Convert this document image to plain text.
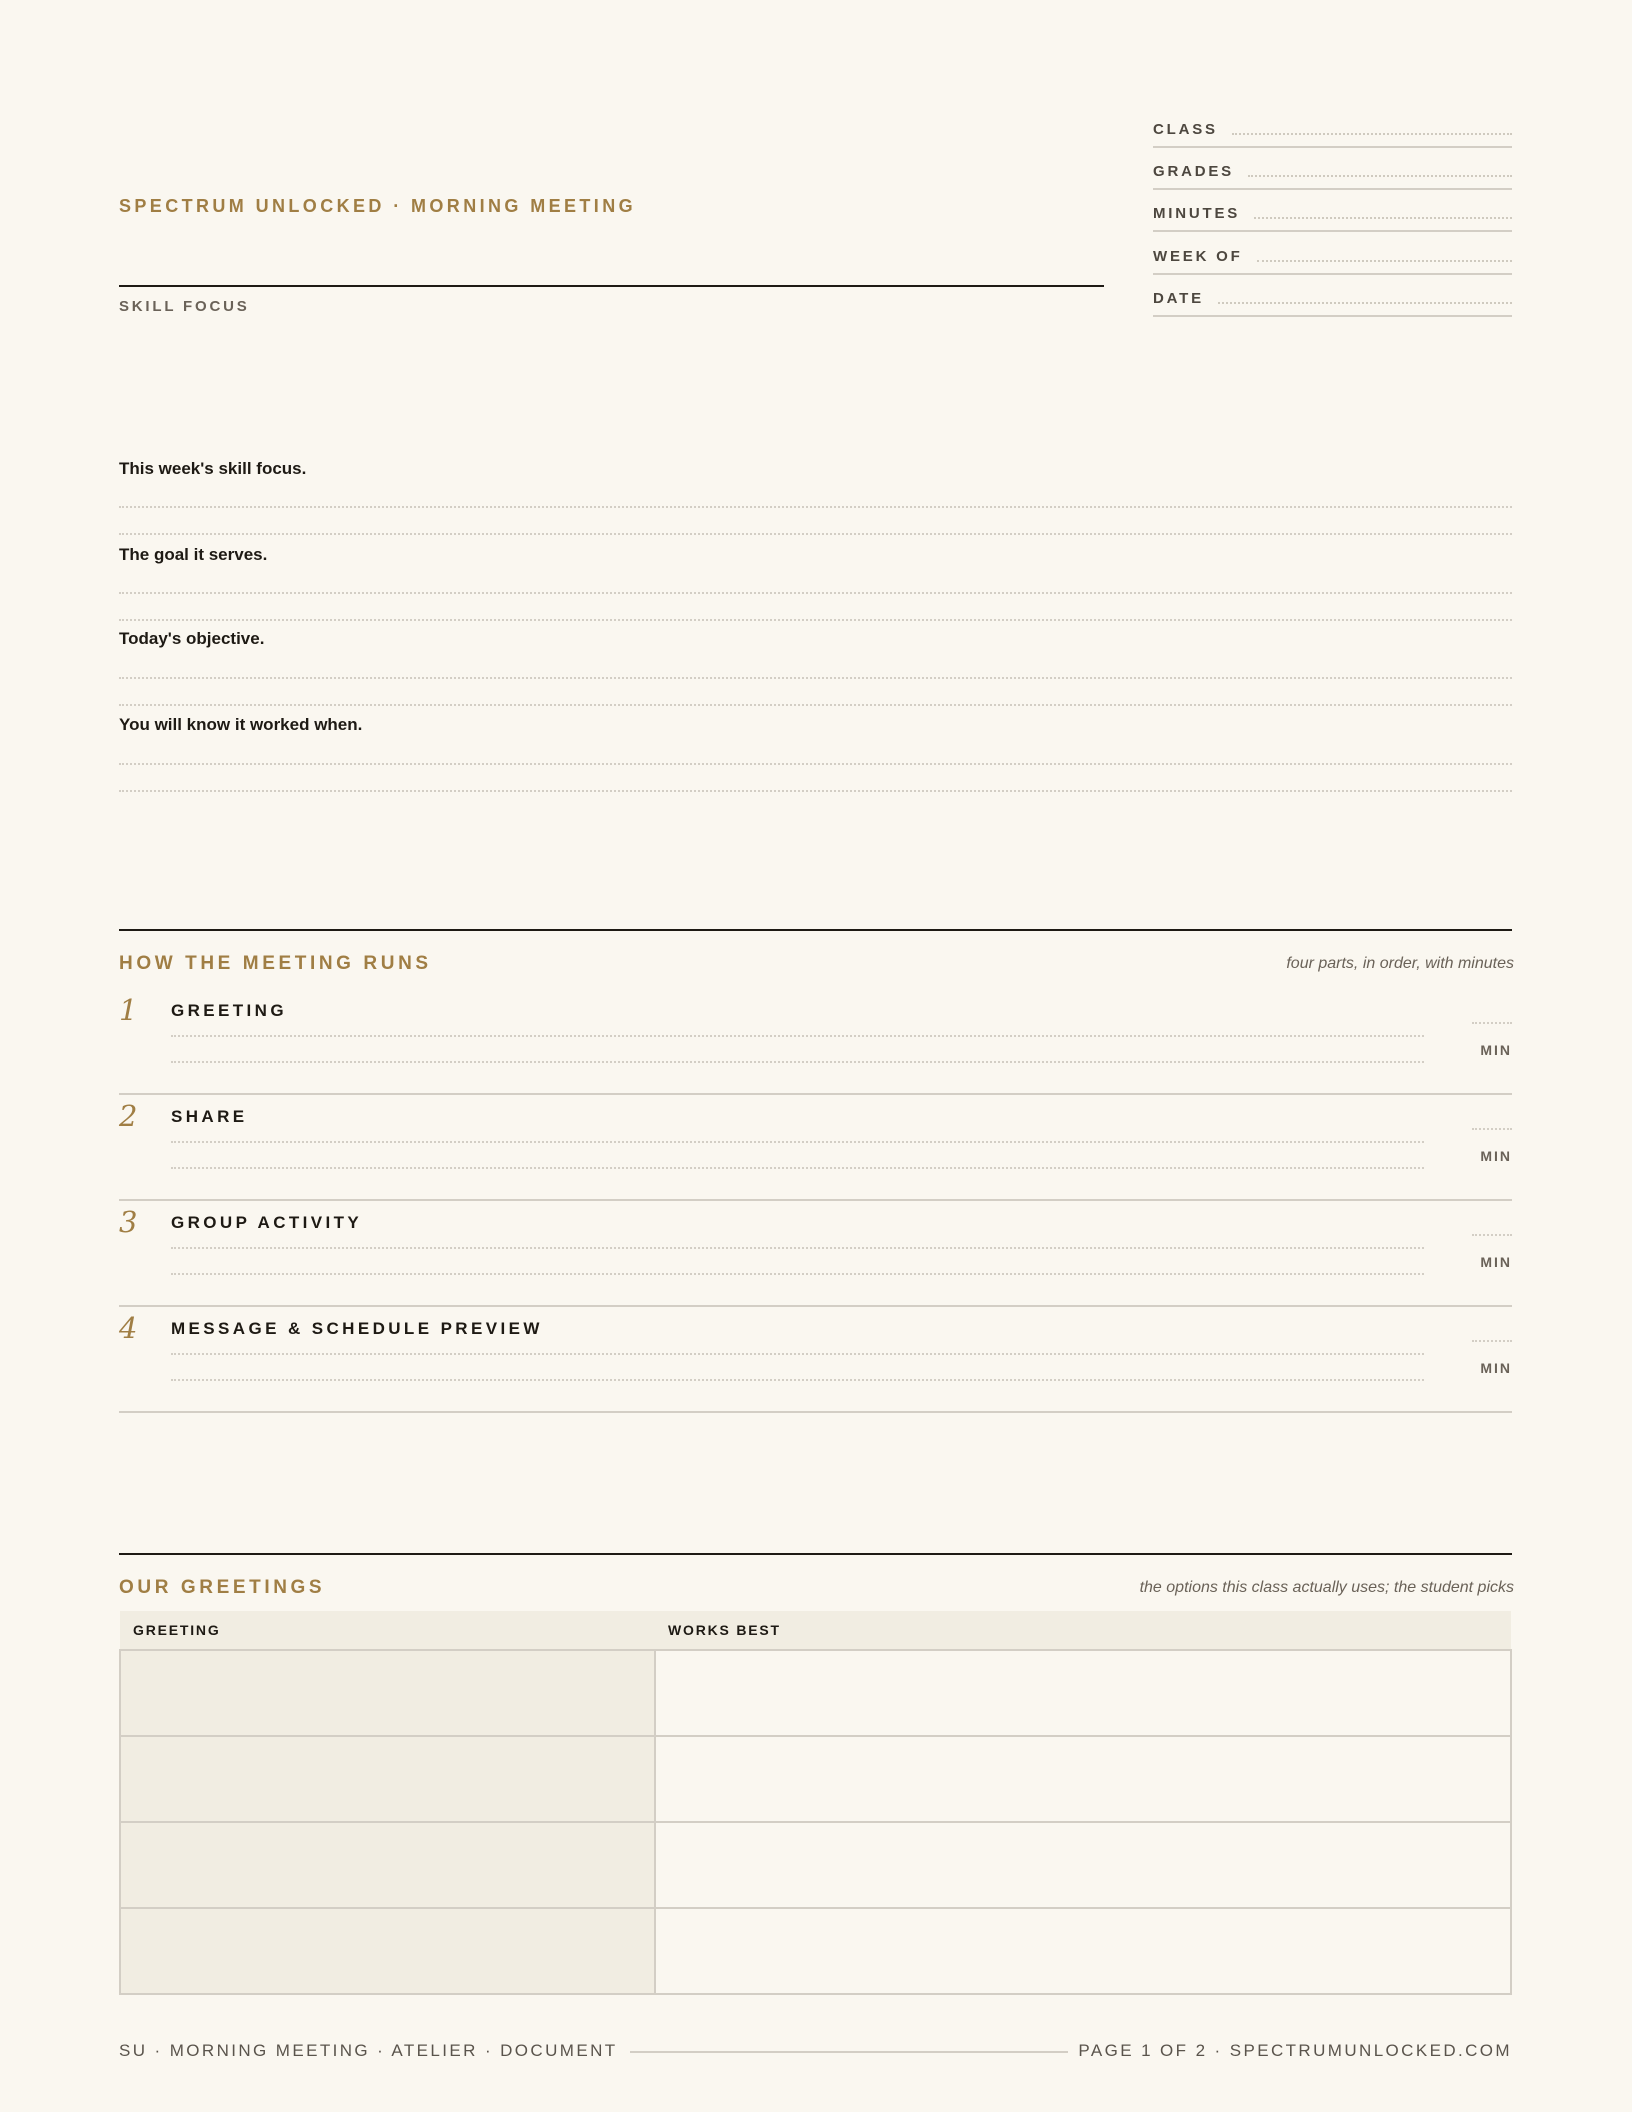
SPECTRUM UNLOCKED · MORNING MEETING
SKILL FOCUS
CLASS
GRADES
MINUTES
WEEK OF
DATE
This week's skill focus.
The goal it serves.
Today's objective.
You will know it worked when.
HOW THE MEETING RUNS	four parts, in order, with minutes
1 GREETING
MIN
2 SHARE
MIN
3 GROUP ACTIVITY
MIN
4 MESSAGE & SCHEDULE PREVIEW
MIN
OUR GREETINGS	the options this class actually uses; the student picks
GREETING	WORKS BEST

SU · MORNING MEETING · ATELIER · DOCUMENT	PAGE 1 OF 2 · SPECTRUMUNLOCKED.COM
